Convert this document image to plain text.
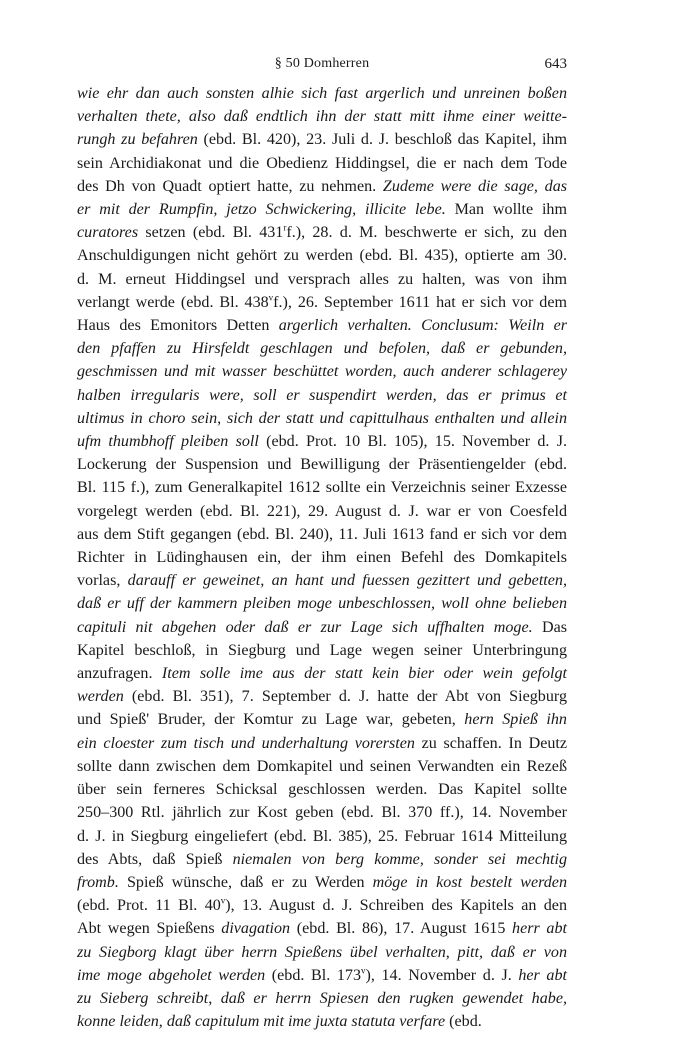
§ 50 Domherren	643
wie ehr dan auch sonsten alhie sich fast argerlich und unreinen boßen
verhalten thete, also daß endtlich ihn der statt mitt ihme einer weitte-
rungh zu befahren (ebd. Bl. 420), 23. Juli d. J. beschloß das Kapitel, ihm
sein Archidiakonat und die Obedienz Hiddingsel, die er nach dem Tode
des Dh von Quadt optiert hatte, zu nehmen. Zudeme were die sage, das
er mit der Rumpfin, jetzo Schwickering, illicite lebe. Man wollte ihm
curatores setzen (ebd. Bl. 431$^r$f.), 28. d. M. beschwerte er sich, zu den
Anschuldigungen nicht gehört zu werden (ebd. Bl. 435), optierte am 30.
d. M. erneut Hiddingsel und versprach alles zu halten, was von ihm
verlangt werde (ebd. Bl. 438$^v$f.), 26. September 1611 hat er sich vor dem
Haus des Emonitors Detten argerlich verhalten. Conclusum: Weiln er
den pfaffen zu Hirsfeldt geschlagen und befolen, daß er gebunden,
geschmissen und mit wasser beschüttet worden, auch anderer schlagerey
halben irregularis were, soll er suspendirt werden, das er primus et
ultimus in choro sein, sich der statt und capittulhaus enthalten und allein
ufm thumbhoff pleiben soll (ebd. Prot. 10 Bl. 105), 15. November d. J.
Lockerung der Suspension und Bewilligung der Präsentiengelder (ebd.
Bl. 115 f.), zum Generalkapitel 1612 sollte ein Verzeichnis seiner Exzesse
vorgelegt werden (ebd. Bl. 221), 29. August d. J. war er von Coesfeld
aus dem Stift gegangen (ebd. Bl. 240), 11. Juli 1613 fand er sich vor dem
Richter in Lüdinghausen ein, der ihm einen Befehl des Domkapitels
vorlas, darauff er geweinet, an hant und fuessen gezittert und gebetten,
daß er uff der kammern pleiben moge unbeschlossen, woll ohne belieben
capituli nit abgehen oder daß er zur Lage sich uffhalten moge. Das
Kapitel beschloß, in Siegburg und Lage wegen seiner Unterbringung
anzufragen. Item solle ime aus der statt kein bier oder wein gefolgt
werden (ebd. Bl. 351), 7. September d. J. hatte der Abt von Siegburg
und Spieß' Bruder, der Komtur zu Lage war, gebeten, hern Spieß ihn
ein cloester zum tisch und underhaltung vorersten zu schaffen. In Deutz
sollte dann zwischen dem Domkapitel und seinen Verwandten ein Rezeß
über sein ferneres Schicksal geschlossen werden. Das Kapitel sollte
250–300 Rtl. jährlich zur Kost geben (ebd. Bl. 370 ff.), 14. November
d. J. in Siegburg eingeliefert (ebd. Bl. 385), 25. Februar 1614 Mitteilung
des Abts, daß Spieß niemalen von berg komme, sonder sei mechtig
fromb. Spieß wünsche, daß er zu Werden möge in kost bestelt werden
(ebd. Prot. 11 Bl. 40$^v$), 13. August d. J. Schreiben des Kapitels an den
Abt wegen Spießens divagation (ebd. Bl. 86), 17. August 1615 herr abt
zu Siegborg klagt über herrn Spießens übel verhalten, pitt, daß er von
ime moge abgeholet werden (ebd. Bl. 173$^v$), 14. November d. J. her abt
zu Sieberg schreibt, daß er herrn Spiesen den rugken gewendet habe,
konne leiden, daß capitulum mit ime juxta statuta verfare (ebd.
